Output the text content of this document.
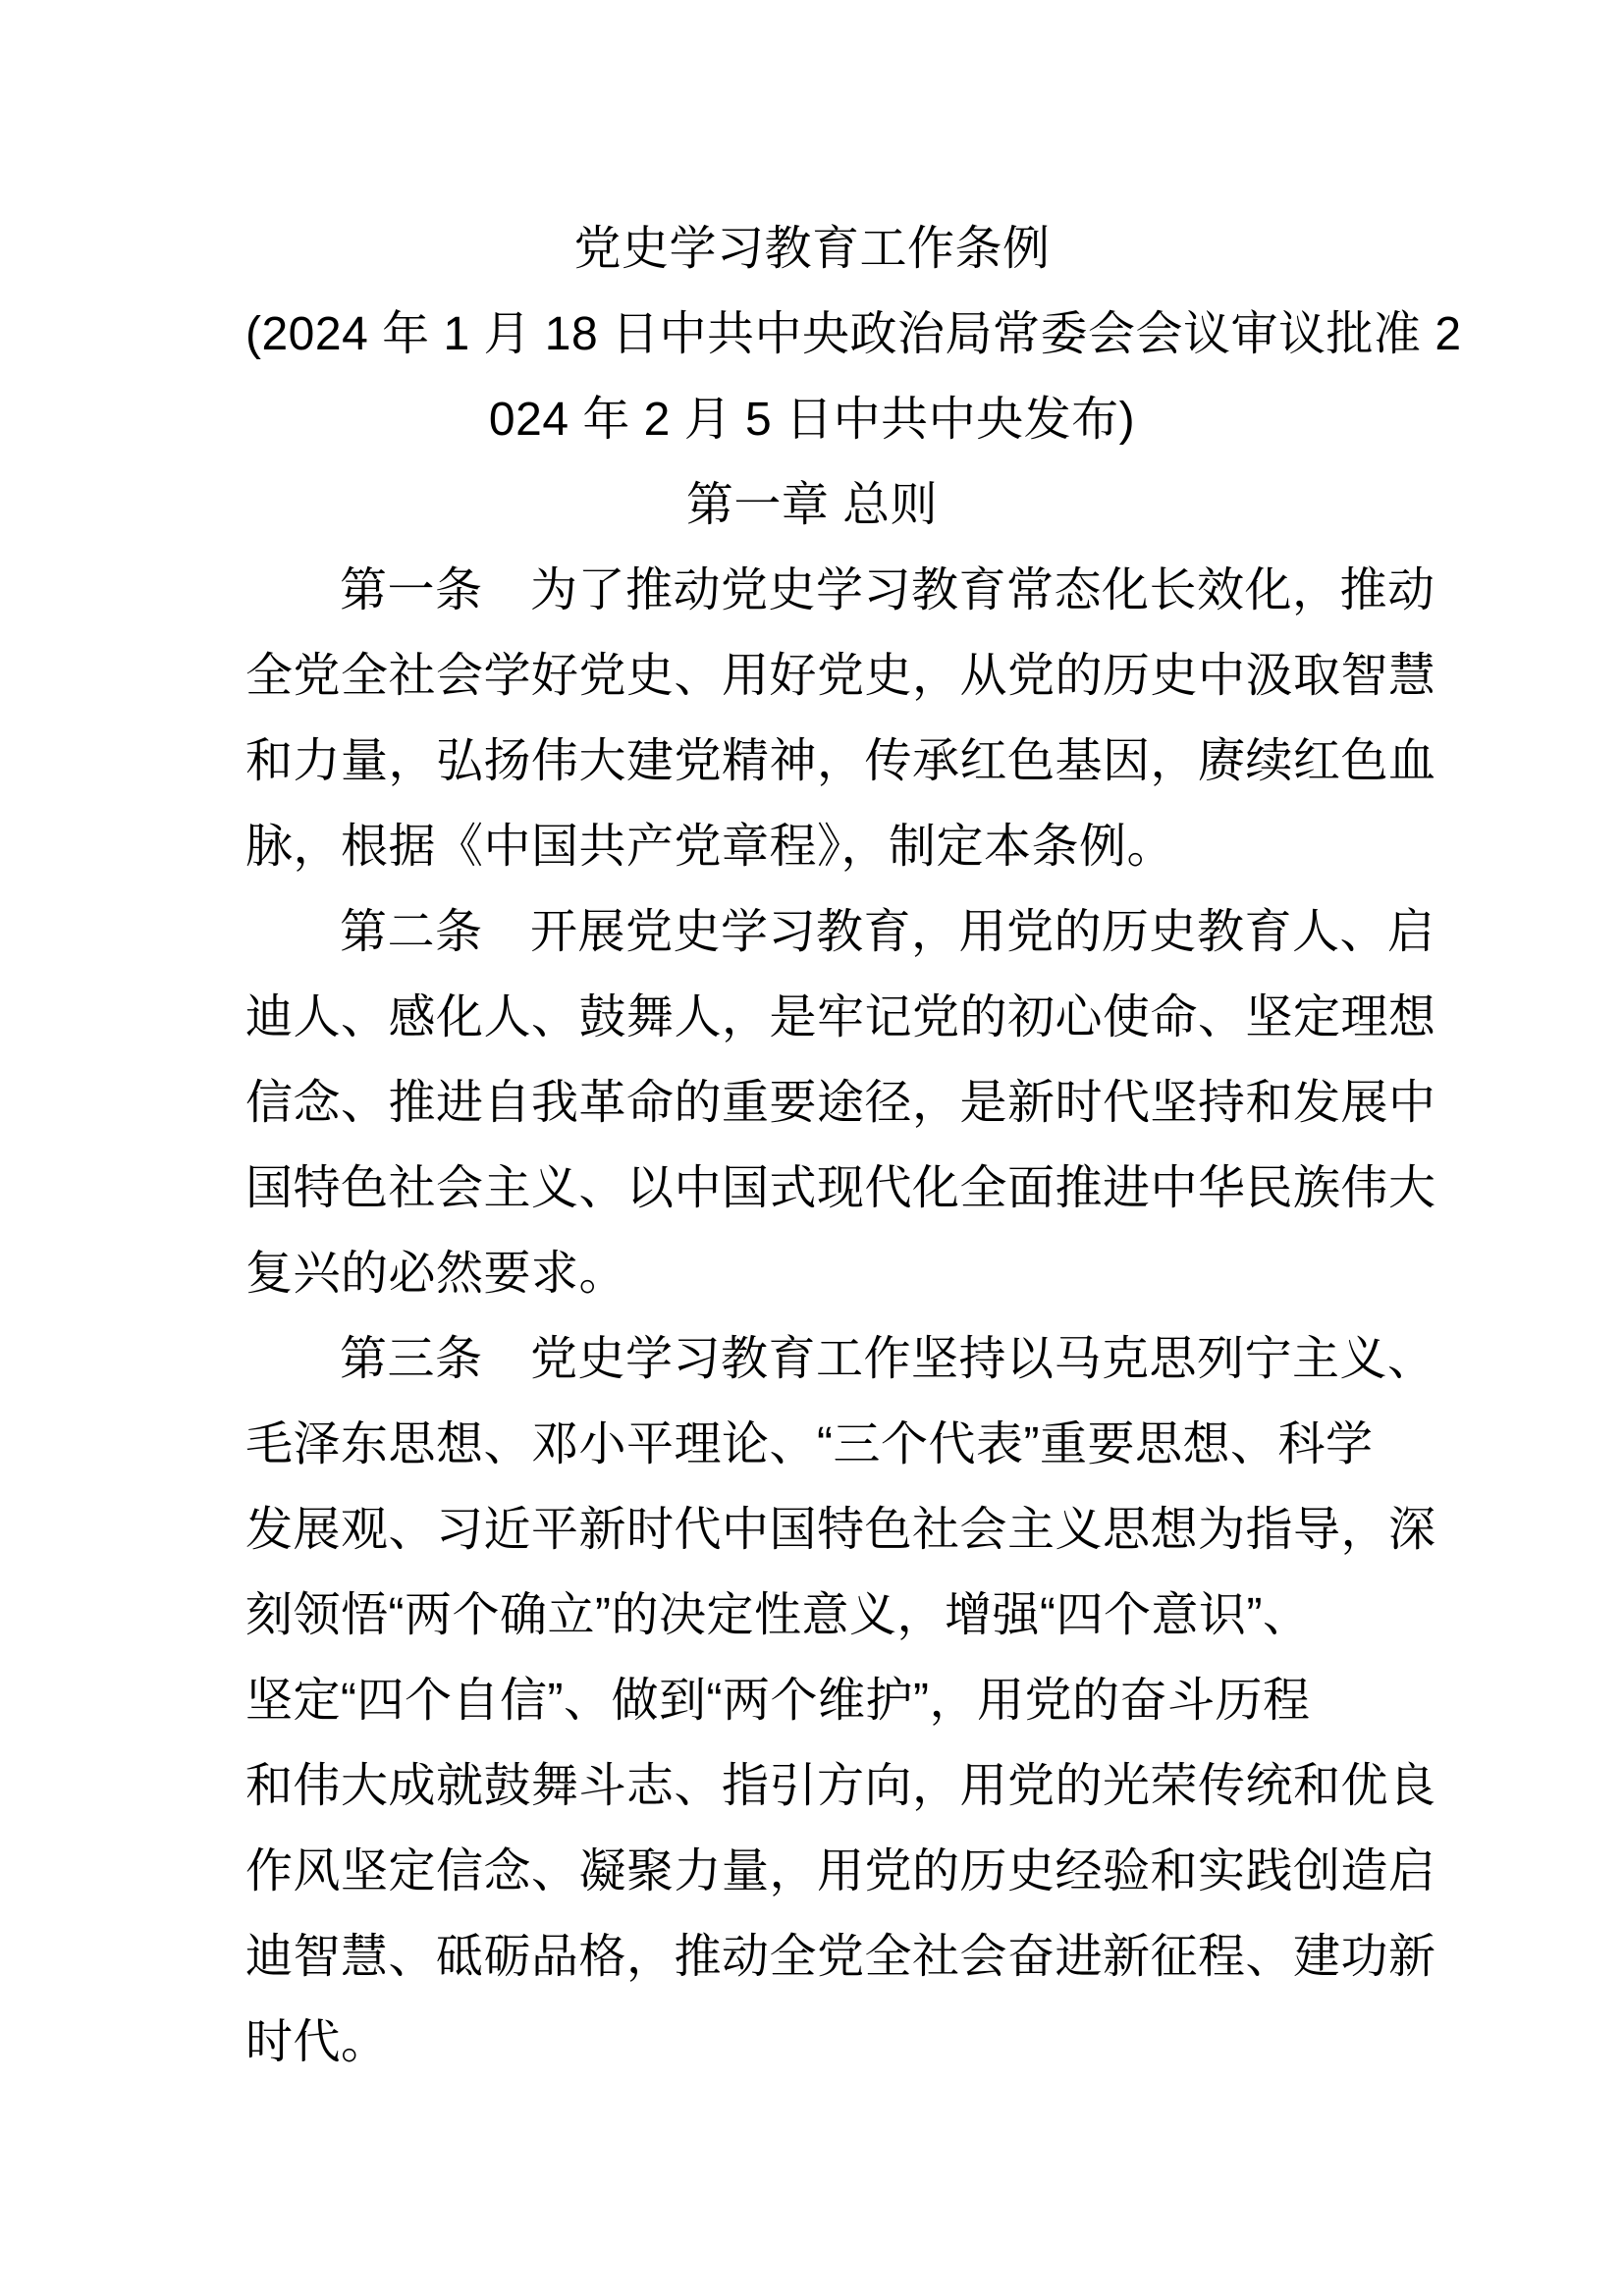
党史学习教育工作条例
(2024 年 1 月 18 日中共中央政治局常委会会议审议批准 2
024 年 2 月 5 日中共中央发布)
第一章 总则
第一条　为了推动党史学习教育常态化长效化，推动
全党全社会学好党史、用好党史，从党的历史中汲取智慧
和力量，弘扬伟大建党精神，传承红色基因，赓续红色血
脉，根据《中国共产党章程》，制定本条例。
第二条　开展党史学习教育，用党的历史教育人、启
迪人、感化人、鼓舞人，是牢记党的初心使命、坚定理想
信念、推进自我革命的重要途径，是新时代坚持和发展中
国特色社会主义、以中国式现代化全面推进中华民族伟大
复兴的必然要求。
第三条　党史学习教育工作坚持以马克思列宁主义、
毛泽东思想、邓小平理论、“三个代表”重要思想、科学
发展观、习近平新时代中国特色社会主义思想为指导，深
刻领悟“两个确立”的决定性意义，增强“四个意识”、
坚定“四个自信”、做到“两个维护”，用党的奋斗历程
和伟大成就鼓舞斗志、指引方向，用党的光荣传统和优良
作风坚定信念、凝聚力量，用党的历史经验和实践创造启
迪智慧、砥砺品格，推动全党全社会奋进新征程、建功新
时代。
